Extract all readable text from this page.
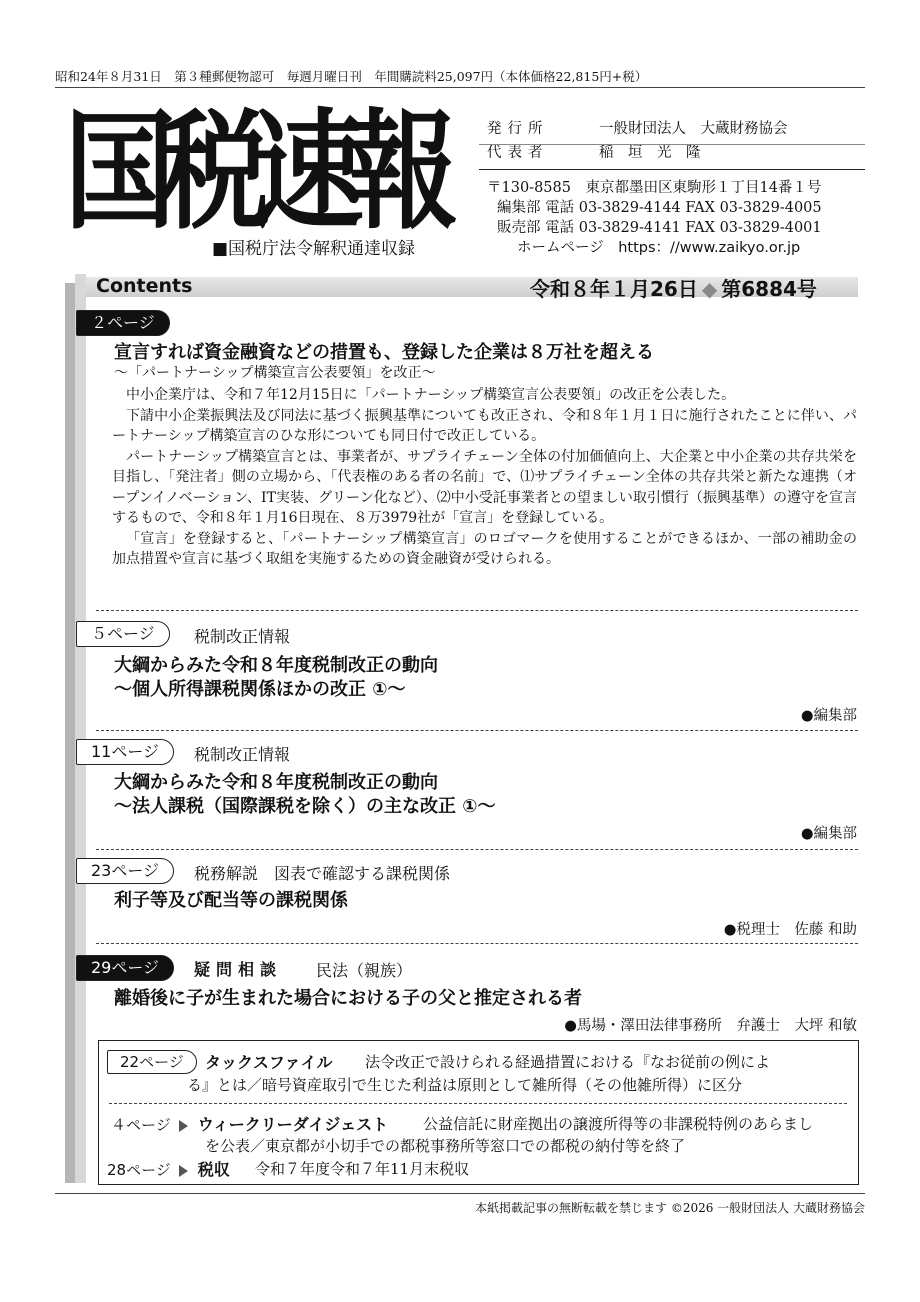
昭和24年８月31日　第３種郵便物認可　毎週月曜日刊　年間購読料25,097円（本体価格22,815円+税）
国
税
速
報
■国税庁法令解釈通達収録
発行所	一般財団法人　大蔵財務協会
代表者	稲　垣　光　隆
〒130-8585　東京都墨田区東駒形１丁目14番１号
編集部 電話 03-3829-4144 FAX 03-3829-4005
販売部 電話 03-3829-4141 FAX 03-3829-4001
ホームページ　https：//www.zaikyo.or.jp
Contents	令和８年１月26日 ◆ 第6884号
２ページ
宣言すれば資金融資などの措置も、登録した企業は８万社を超える
～「パートナーシップ構築宣言公表要領」を改正～

中小企業庁は、令和７年12月15日に「パートナーシップ構築宣言公表要領」の改正を公表した。

下請中小企業振興法及び同法に基づく振興基準についても改正され、令和８年１月１日に施行されたことに伴い、パートナーシップ構築宣言のひな形についても同日付で改正している。

パートナーシップ構築宣言とは、事業者が、サプライチェーン全体の付加価値向上、大企業と中小企業の共存共栄を目指し、「発注者」側の立場から、「代表権のある者の名前」で、⑴サプライチェーン全体の共存共栄と新たな連携（オープンイノベーション、IT実装、グリーン化など）、⑵中小受託事業者との望ましい取引慣行（振興基準）の遵守を宣言するもので、令和８年１月16日現在、８万3979社が「宣言」を登録している。

「宣言」を登録すると、「パートナーシップ構築宣言」のロゴマークを使用することができるほか、一部の補助金の加点措置や宣言に基づく取組を実施するための資金融資が受けられる。

５ページ	税制改正情報
大綱からみた令和８年度税制改正の動向
～個人所得課税関係ほかの改正 ①～
●編集部
11ページ	税制改正情報
大綱からみた令和８年度税制改正の動向
～法人課税（国際課税を除く）の主な改正 ①～
●編集部
23ページ	税務解説　図表で確認する課税関係
利子等及び配当等の課税関係
●税理士　佐藤 和助
29ページ	疑問相談 民法（親族）
離婚後に子が生まれた場合における子の父と推定される者
●馬場・澤田法律事務所　弁護士　大坪 和敏
22ページ	タックスファイル 法令改正で設けられる経過措置における『なお従前の例によ
る』とは／暗号資産取引で生じた利益は原則として雑所得（その他雑所得）に区分
４ページ ウィークリーダイジェスト 公益信託に財産拠出の譲渡所得等の非課税特例のあらまし
を公表／東京都が小切手での都税事務所等窓口での都税の納付等を終了
28ページ 税収 令和７年度令和７年11月末税収
本紙掲載記事の無断転載を禁じます ©2026 一般財団法人 大蔵財務協会
